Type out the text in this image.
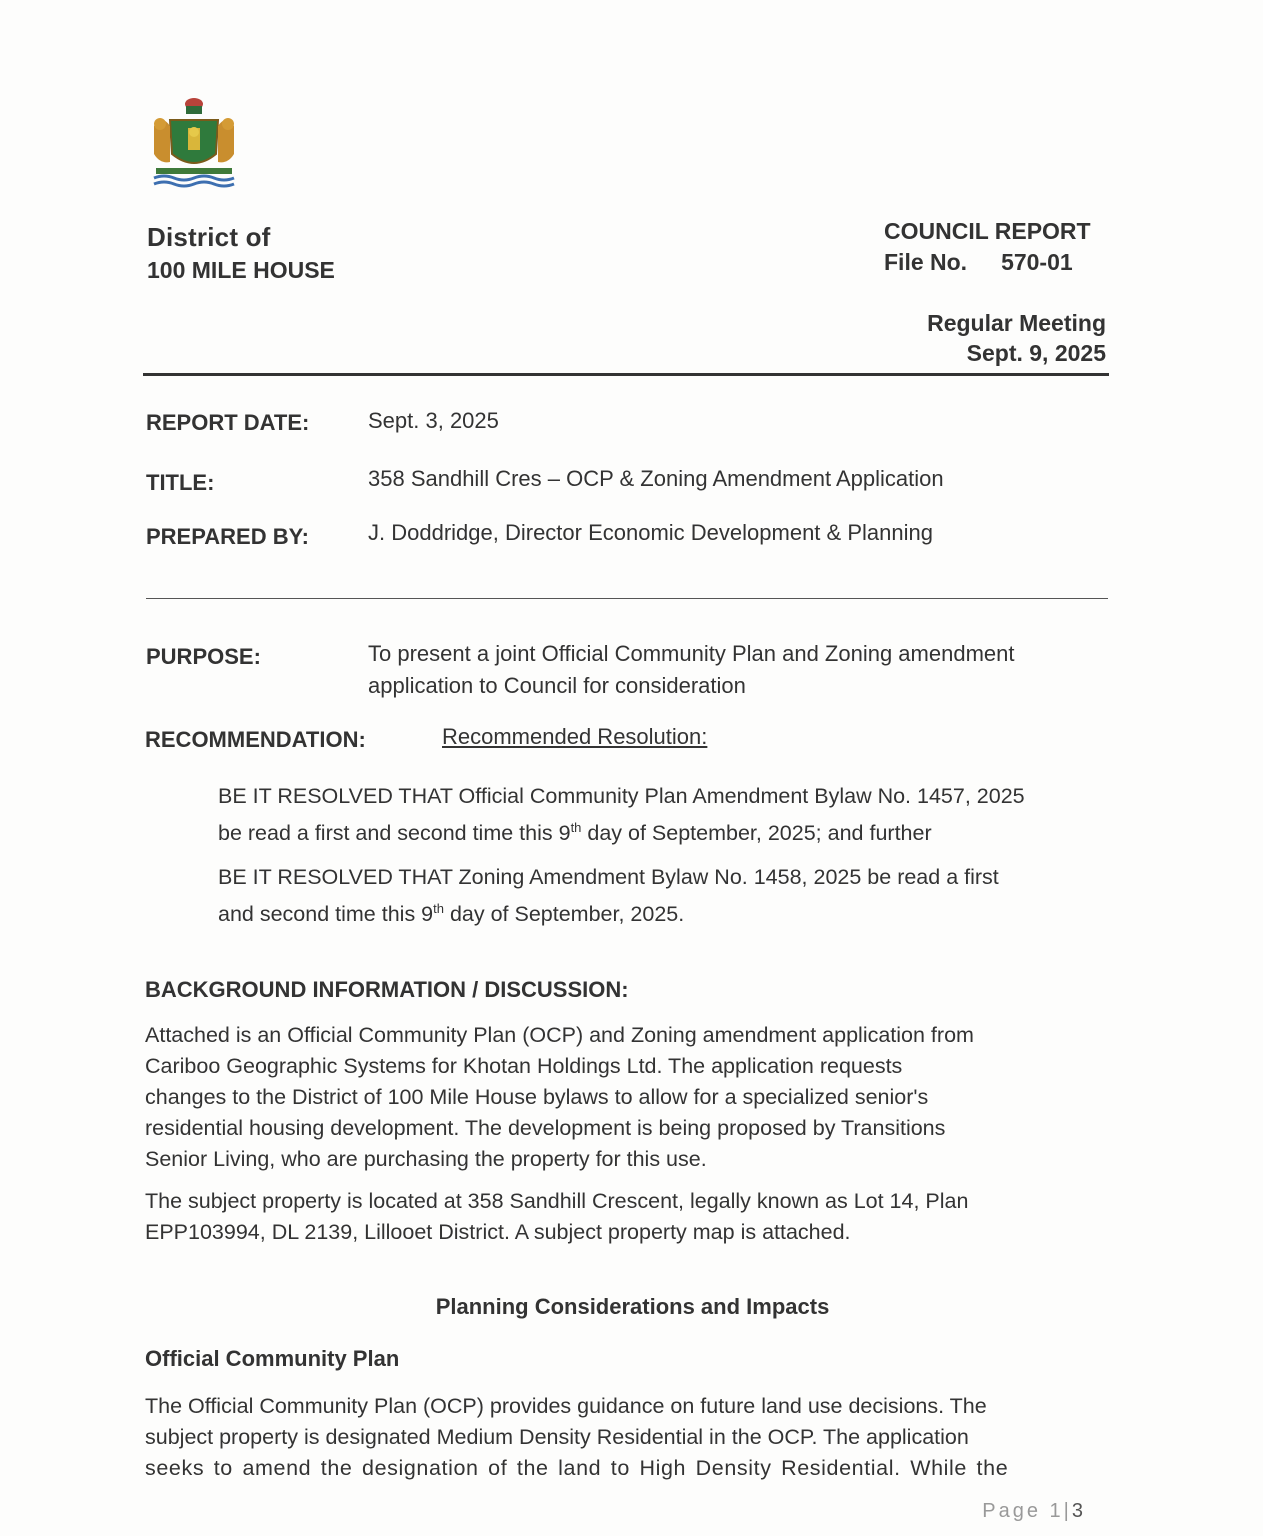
District of
100 MILE HOUSE
COUNCIL REPORT
File No. 570-01
Regular Meeting
Sept. 9, 2025
REPORT DATE:	Sept. 3, 2025
TITLE:	358 Sandhill Cres – OCP & Zoning Amendment Application
PREPARED BY:	J. Doddridge, Director Economic Development & Planning
PURPOSE:	To present a joint Official Community Plan and Zoning amendment
application to Council for consideration
RECOMMENDATION:	Recommended Resolution:
BE IT RESOLVED THAT Official Community Plan Amendment Bylaw No. 1457, 2025
be read a first and second time this 9th day of September, 2025; and further
BE IT RESOLVED THAT Zoning Amendment Bylaw No. 1458, 2025 be read a first
and second time this 9th day of September, 2025.
BACKGROUND INFORMATION / DISCUSSION:
Attached is an Official Community Plan (OCP) and Zoning amendment application from
Cariboo Geographic Systems for Khotan Holdings Ltd. The application requests
changes to the District of 100 Mile House bylaws to allow for a specialized senior's
residential housing development. The development is being proposed by Transitions
Senior Living, who are purchasing the property for this use.
The subject property is located at 358 Sandhill Crescent, legally known as Lot 14, Plan
EPP103994, DL 2139, Lillooet District. A subject property map is attached.
Planning Considerations and Impacts
Official Community Plan
The Official Community Plan (OCP) provides guidance on future land use decisions. The
subject property is designated Medium Density Residential in the OCP. The application
seeks to amend the designation of the land to High Density Residential. While the
Page 1|3
